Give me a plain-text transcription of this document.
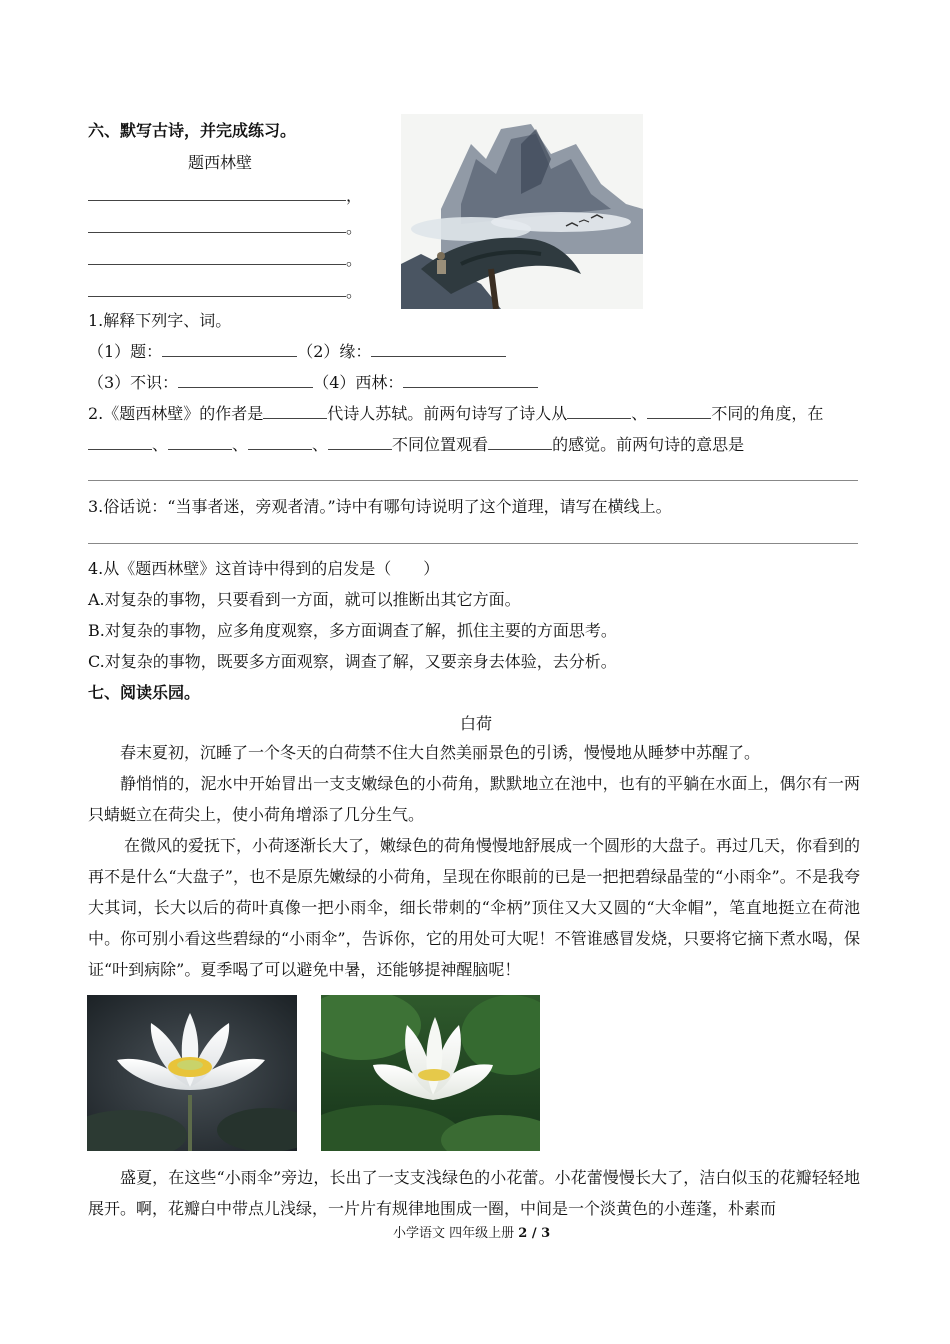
六、默写古诗，并完成练习。
题西林壁
，
。
。
。
1.解释下列字、词。
（1）题：	（2）缘：
（3）不识：	（4）西林：
2.《题西林壁》的作者是	代诗人苏轼。前两句诗写了诗人从	、	不同的角度，在
、	、	、	不同位置观看	的感觉。前两句诗的意思是
3.俗话说：“当事者迷，旁观者清。”诗中有哪句诗说明了这个道理，请写在横线上。
4.从《题西林壁》这首诗中得到的启发是（　　）
A.对复杂的事物，只要看到一方面，就可以推断出其它方面。
B.对复杂的事物，应多角度观察，多方面调查了解，抓住主要的方面思考。
C.对复杂的事物，既要多方面观察，调查了解，又要亲身去体验，去分析。
七、阅读乐园。
白荷
春末夏初，沉睡了一个冬天的白荷禁不住大自然美丽景色的引诱，慢慢地从睡梦中苏醒了。
静悄悄的，泥水中开始冒出一支支嫩绿色的小荷角，默默地立在池中，也有的平躺在水面上，偶尔有一两只蜻蜓立在荷尖上，使小荷角增添了几分生气。
在微风的爱抚下，小荷逐渐长大了，嫩绿色的荷角慢慢地舒展成一个圆形的大盘子。再过几天，你看到的再不是什么“大盘子”，也不是原先嫩绿的小荷角，呈现在你眼前的已是一把把碧绿晶莹的“小雨伞”。不是我夸大其词，长大以后的荷叶真像一把小雨伞，细长带刺的“伞柄”顶住又大又圆的“大伞帽”，笔直地挺立在荷池中。你可别小看这些碧绿的“小雨伞”，告诉你，它的用处可大呢！不管谁感冒发烧，只要将它摘下煮水喝，保证“叶到病除”。夏季喝了可以避免中暑，还能够提神醒脑呢！
盛夏，在这些“小雨伞”旁边，长出了一支支浅绿色的小花蕾。小花蕾慢慢长大了，洁白似玉的花瓣轻轻地展开。啊，花瓣白中带点儿浅绿，一片片有规律地围成一圈，中间是一个淡黄色的小莲蓬，朴素而
小学语文 四年级上册 2 / 3
